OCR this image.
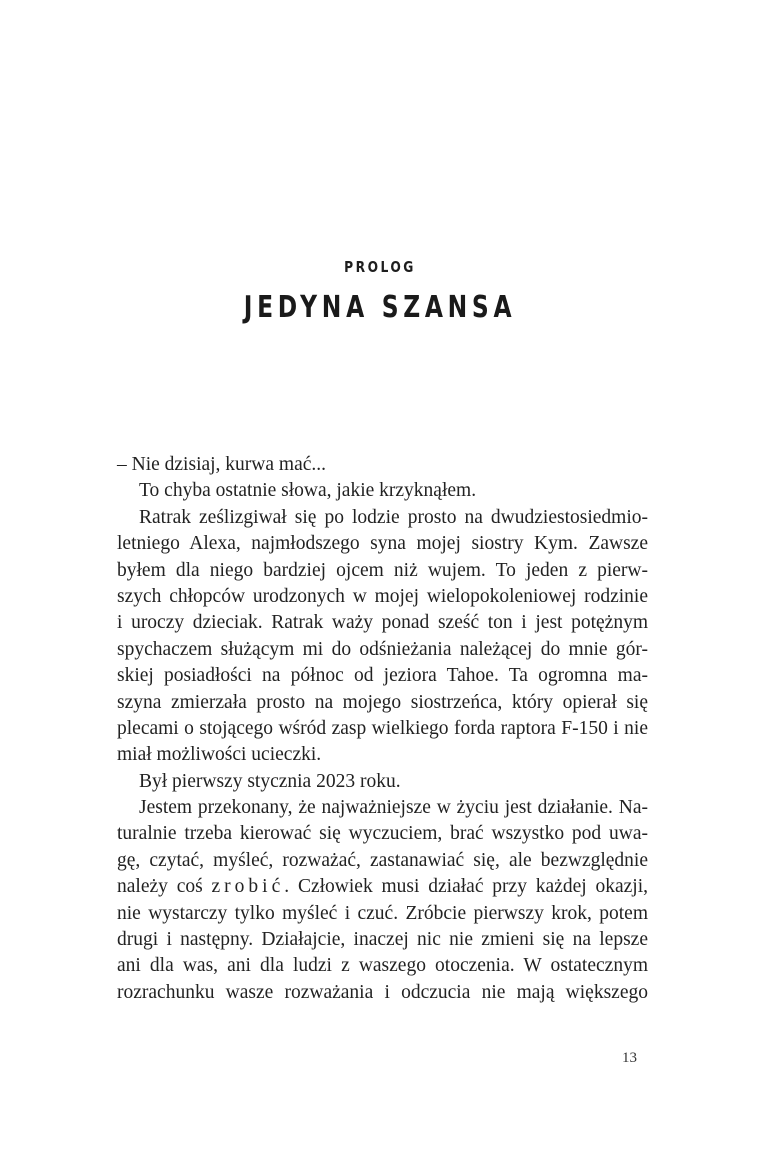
PROLOG
JEDYNA SZANSA
– Nie dzisiaj, kurwa mać...
To chyba ostatnie słowa, jakie krzyknąłem.
Ratrak ześlizgiwał się po lodzie prosto na dwudziestosiedmio-
letniego Alexa, najmłodszego syna mojej siostry Kym. Zawsze
byłem dla niego bardziej ojcem niż wujem. To jeden z pierw-
szych chłopców urodzonych w mojej wielopokoleniowej rodzinie
i uroczy dzieciak. Ratrak waży ponad sześć ton i jest potężnym
spychaczem służącym mi do odśnieżania należącej do mnie gór-
skiej posiadłości na północ od jeziora Tahoe. Ta ogromna ma-
szyna zmierzała prosto na mojego siostrzeńca, który opierał się
plecami o stojącego wśród zasp wielkiego forda raptora F-150 i nie
miał możliwości ucieczki.
Był pierwszy stycznia 2023 roku.
Jestem przekonany, że najważniejsze w życiu jest działanie. Na-
turalnie trzeba kierować się wyczuciem, brać wszystko pod uwa-
gę, czytać, myśleć, rozważać, zastanawiać się, ale bezwzględnie
należy coś zrobić. Człowiek musi działać przy każdej okazji,
nie wystarczy tylko myśleć i czuć. Zróbcie pierwszy krok, potem
drugi i następny. Działajcie, inaczej nic nie zmieni się na lepsze
ani dla was, ani dla ludzi z waszego otoczenia. W ostatecznym
rozrachunku wasze rozważania i odczucia nie mają większego
13
